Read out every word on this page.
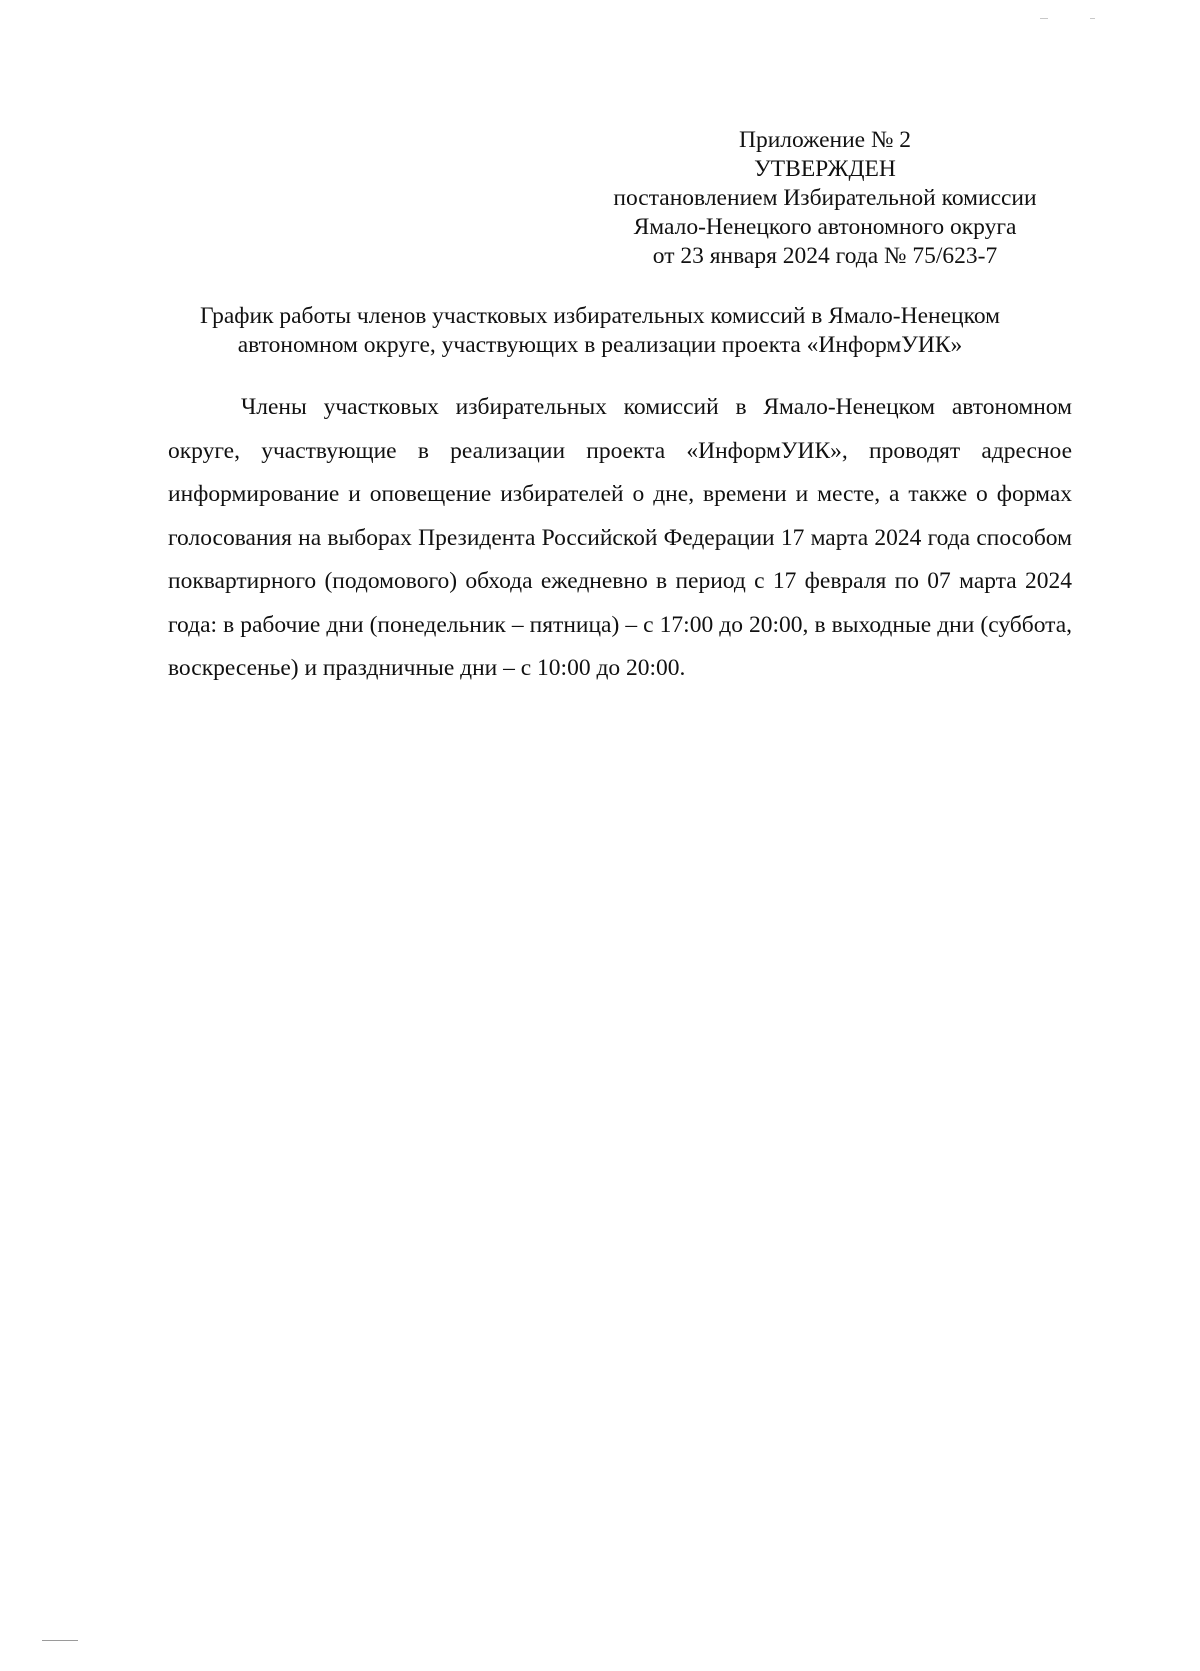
Приложение № 2
УТВЕРЖДЕН
постановлением Избирательной комиссии
Ямало-Ненецкого автономного округа
от 23 января 2024 года № 75/623-7
График работы членов участковых избирательных комиссий в Ямало-Ненецком
автономном округе, участвующих в реализации проекта «ИнформУИК»

Члены участковых избирательных комиссий в Ямало-Ненецком автономном округе, участвующие в реализации проекта «ИнформУИК», проводят адресное информирование и оповещение избирателей о дне, времени и месте, а также о формах голосования на выборах Президента Российской Федерации 17 марта 2024 года способом поквартирного (подомового) обхода ежедневно в период с 17 февраля по 07 марта 2024 года: в рабочие дни (понедельник – пятница) – с 17:00 до 20:00, в выходные дни (суббота, воскресенье) и праздничные дни – с 10:00 до 20:00.
